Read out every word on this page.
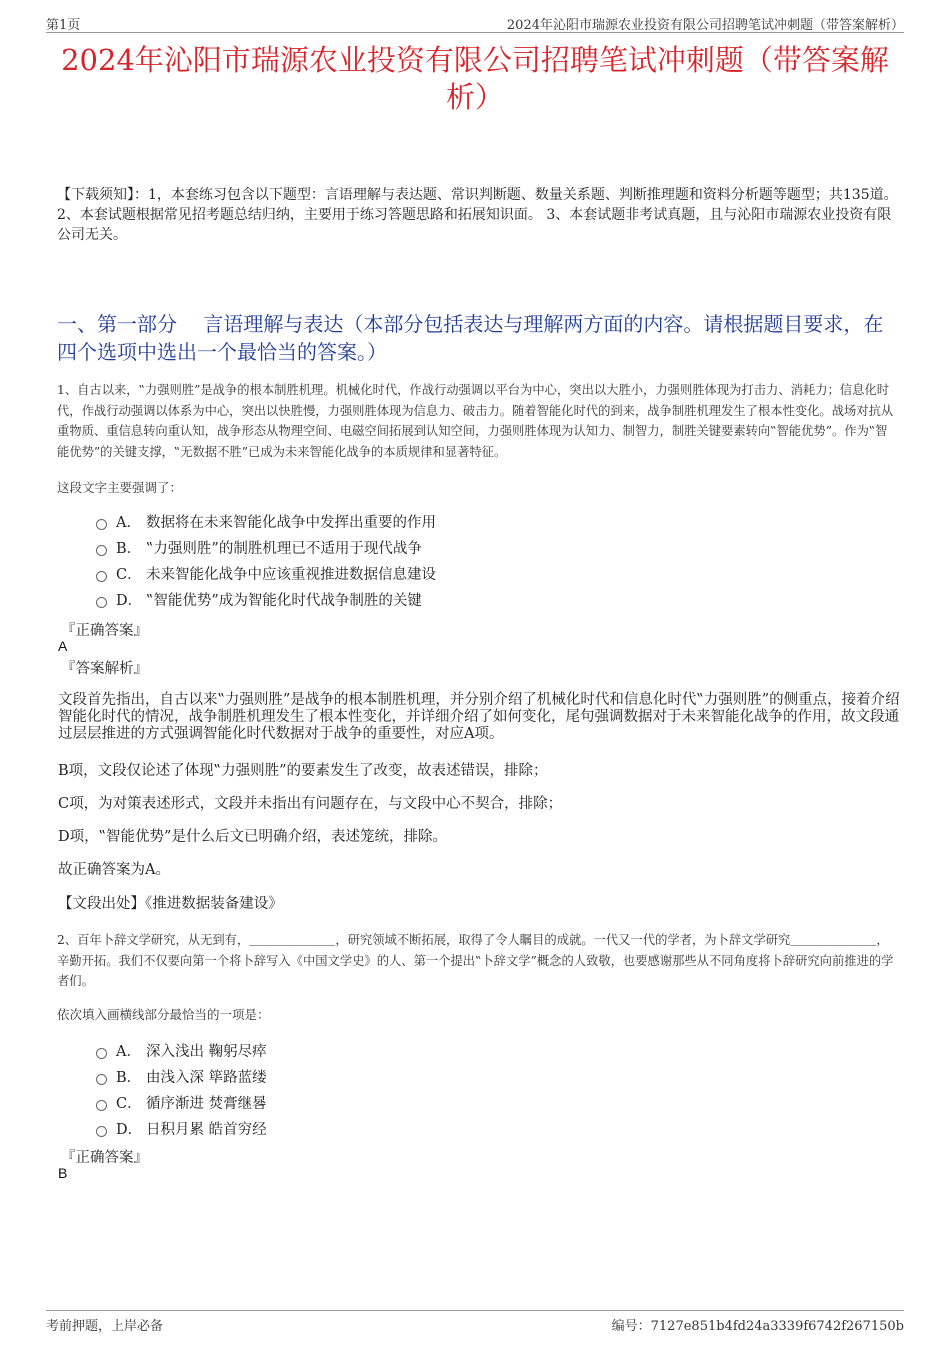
第1页	2024年沁阳市瑞源农业投资有限公司招聘笔试冲刺题（带答案解析）
2024年沁阳市瑞源农业投资有限公司招聘笔试冲刺题（带答案解析）
【下载须知】：1，本套练习包含以下题型：言语理解与表达题、常识判断题、数量关系题、判断推理题和资料分析题等题型；共135道。 2、本套试题根据常见招考题总结归纳，主要用于练习答题思路和拓展知识面。 3、本套试题非考试真题，且与沁阳市瑞源农业投资有限公司无关。
一、第一部分　 言语理解与表达（本部分包括表达与理解两方面的内容。请根据题目要求，在四个选项中选出一个最恰当的答案。）
1、自古以来，‟力强则胜”是战争的根本制胜机理。机械化时代，作战行动强调以平台为中心，突出以大胜小，力强则胜体现为打击力、消耗力；信息化时代，作战行动强调以体系为中心，突出以快胜慢，力强则胜体现为信息力、破击力。随着智能化时代的到来，战争制胜机理发生了根本性变化。战场对抗从重物质、重信息转向重认知，战争形态从物理空间、电磁空间拓展到认知空间，力强则胜体现为认知力、制智力，制胜关键要素转向‟智能优势”。作为‟智能优势”的关键支撑，‟无数据不胜”已成为未来智能化战争的本质规律和显著特征。
这段文字主要强调了：
A． 数据将在未来智能化战争中发挥出重要的作用
B． ‟力强则胜”的制胜机理已不适用于现代战争
C． 未来智能化战争中应该重视推进数据信息建设
D． ‟智能优势”成为智能化时代战争制胜的关键
『正确答案』
A
『答案解析』
文段首先指出，自古以来‟力强则胜”是战争的根本制胜机理，并分别介绍了机械化时代和信息化时代‟力强则胜”的侧重点，接着介绍智能化时代的情况，战争制胜机理发生了根本性变化，并详细介绍了如何变化，尾句强调数据对于未来智能化战争的作用，故文段通过层层推进的方式强调智能化时代数据对于战争的重要性，对应A项。
B项，文段仅论述了体现‟力强则胜”的要素发生了改变，故表述错误，排除；
C项，为对策表述形式，文段并未指出有问题存在，与文段中心不契合，排除；
D项，‟智能优势”是什么后文已明确介绍，表述笼统，排除。
故正确答案为A。
【文段出处】《推进数据装备建设》
2、百年卜辞文学研究，从无到有，＿＿＿＿＿＿＿，研究领域不断拓展，取得了令人瞩目的成就。一代又一代的学者，为卜辞文学研究＿＿＿＿＿＿＿，辛勤开拓。我们不仅要向第一个将卜辞写入《中国文学史》的人、第一个提出‟卜辞文学”概念的人致敬，也要感谢那些从不同角度将卜辞研究向前推进的学者们。
依次填入画横线部分最恰当的一项是：
A． 深入浅出 鞠躬尽瘁
B． 由浅入深 筚路蓝缕
C． 循序渐进 焚膏继晷
D． 日积月累 皓首穷经
『正确答案』
B
考前押题，上岸必备	编号：7127e851b4fd24a3339f6742f267150b
